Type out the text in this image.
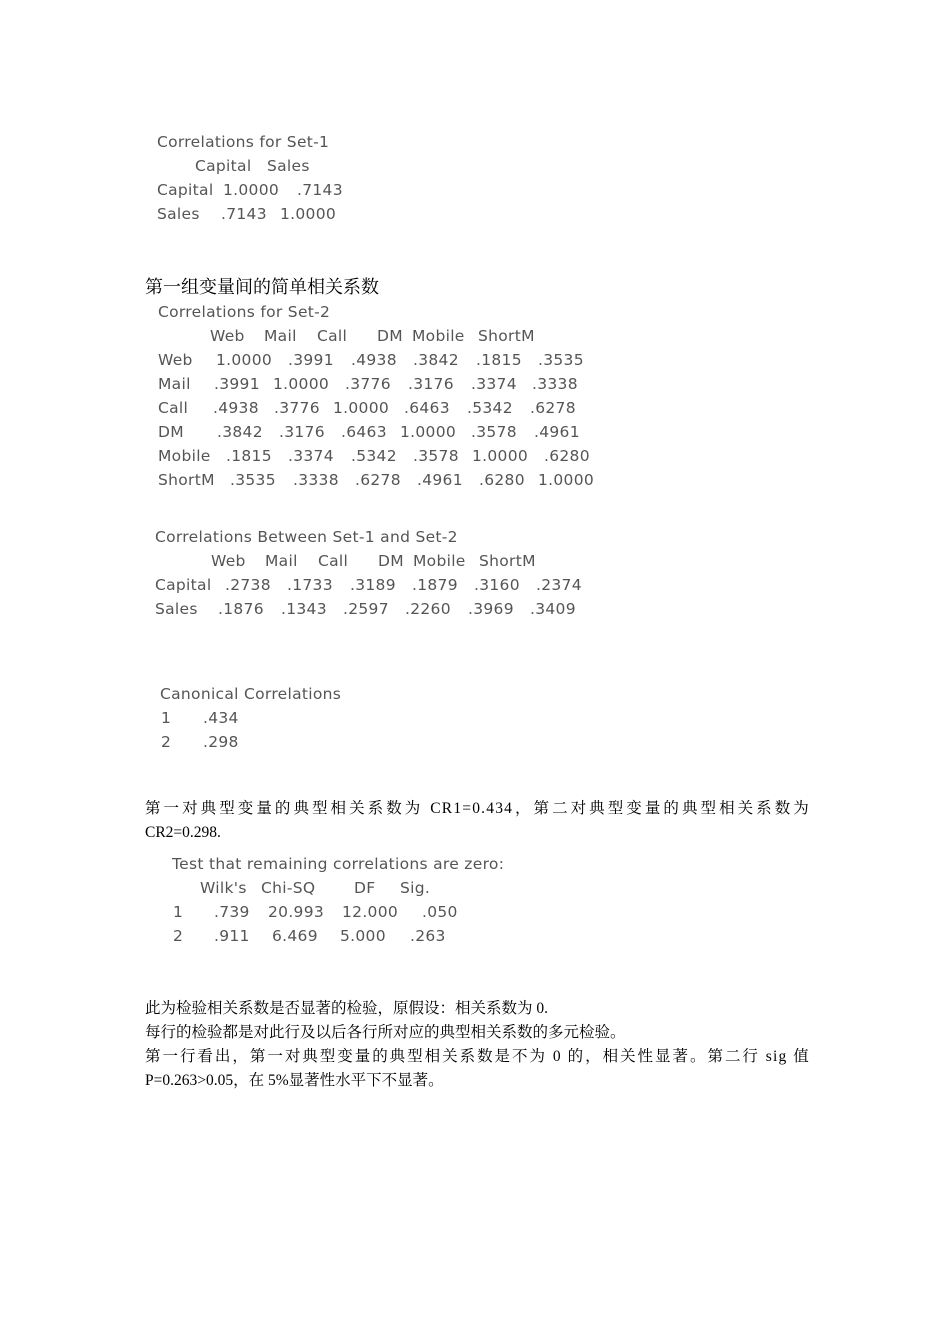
Correlations for Set-1

Capital

Sales

Capital

1.0000

.7143

Sales

.7143

1.0000

第一组变量间的简单相关系数
Correlations for Set-2

Web

Mail

Call

DM

Mobile

ShortM

Web

1.0000

.3991

.4938

.3842

.1815

.3535

Mail

.3991

1.0000

.3776

.3176

.3374

.3338

Call

.4938

.3776

1.0000

.6463

.5342

.6278

DM

.3842

.3176

.6463

1.0000

.3578

.4961

Mobile

.1815

.3374

.5342

.3578

1.0000

.6280

ShortM

.3535

.3338

.6278

.4961

.6280

1.0000

Correlations Between Set-1 and Set-2

Web

Mail

Call

DM

Mobile

ShortM

Capital

.2738

.1733

.3189

.1879

.3160

.2374

Sales

.1876

.1343

.2597

.2260

.3969

.3409

Canonical Correlations

1

.434

2

.298

第一对典型变量的典型相关系数为 CR1=0.434，第二对典型变量的典型相关系数为
CR2=0.298.
Test that remaining correlations are zero:

Wilk's

Chi-SQ

DF

Sig.

1

.739

20.993

12.000

.050

2

.911

6.469

5.000

.263

此为检验相关系数是否显著的检验，原假设：相关系数为 0.
每行的检验都是对此行及以后各行所对应的典型相关系数的多元检验。
第一行看出，第一对典型变量的典型相关系数是不为 0 的，相关性显著。第二行 sig 值
P=0.263>0.05，在 5%显著性水平下不显著。
